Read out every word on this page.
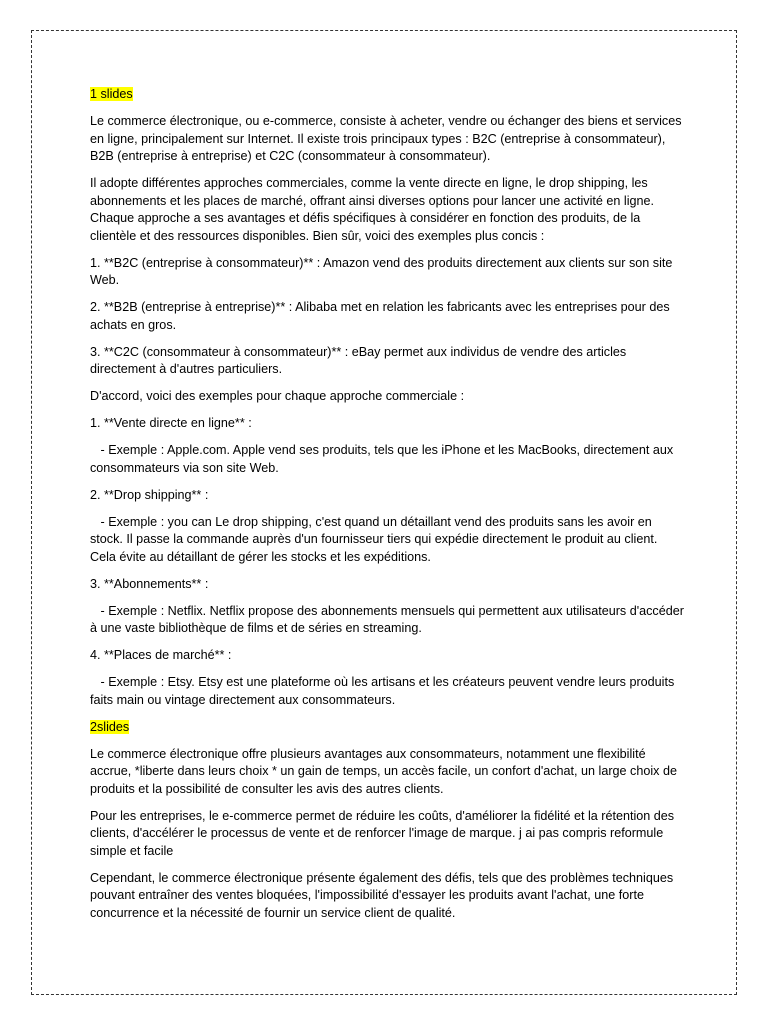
1 slides

Le commerce électronique, ou e-commerce, consiste à acheter, vendre ou échanger des biens et services en ligne, principalement sur Internet. Il existe trois principaux types : B2C (entreprise à consommateur), B2B (entreprise à entreprise) et C2C (consommateur à consommateur).

Il adopte différentes approches commerciales, comme la vente directe en ligne, le drop shipping, les abonnements et les places de marché, offrant ainsi diverses options pour lancer une activité en ligne. Chaque approche a ses avantages et défis spécifiques à considérer en fonction des produits, de la clientèle et des ressources disponibles. Bien sûr, voici des exemples plus concis :

1. **B2C (entreprise à consommateur)** : Amazon vend des produits directement aux clients sur son site Web.

2. **B2B (entreprise à entreprise)** : Alibaba met en relation les fabricants avec les entreprises pour des achats en gros.

3. **C2C (consommateur à consommateur)** : eBay permet aux individus de vendre des articles directement à d'autres particuliers.

D'accord, voici des exemples pour chaque approche commerciale :

1. **Vente directe en ligne** :

- Exemple : Apple.com. Apple vend ses produits, tels que les iPhone et les MacBooks, directement aux consommateurs via son site Web.

2. **Drop shipping** :

- Exemple : you can Le drop shipping, c'est quand un détaillant vend des produits sans les avoir en stock. Il passe la commande auprès d'un fournisseur tiers qui expédie directement le produit au client. Cela évite au détaillant de gérer les stocks et les expéditions.

3. **Abonnements** :

- Exemple : Netflix. Netflix propose des abonnements mensuels qui permettent aux utilisateurs d'accéder à une vaste bibliothèque de films et de séries en streaming.

4. **Places de marché** :

- Exemple : Etsy. Etsy est une plateforme où les artisans et les créateurs peuvent vendre leurs produits faits main ou vintage directement aux consommateurs.

2slides

Le commerce électronique offre plusieurs avantages aux consommateurs, notamment une flexibilité accrue, *liberte dans leurs choix * un gain de temps, un accès facile, un confort d'achat, un large choix de produits et la possibilité de consulter les avis des autres clients.

Pour les entreprises, le e-commerce permet de réduire les coûts, d'améliorer la fidélité et la rétention des clients, d'accélérer le processus de vente et de renforcer l'image de marque. j ai pas compris reformule simple et facile

Cependant, le commerce électronique présente également des défis, tels que des problèmes techniques pouvant entraîner des ventes bloquées, l'impossibilité d'essayer les produits avant l'achat, une forte concurrence et la nécessité de fournir un service client de qualité.
